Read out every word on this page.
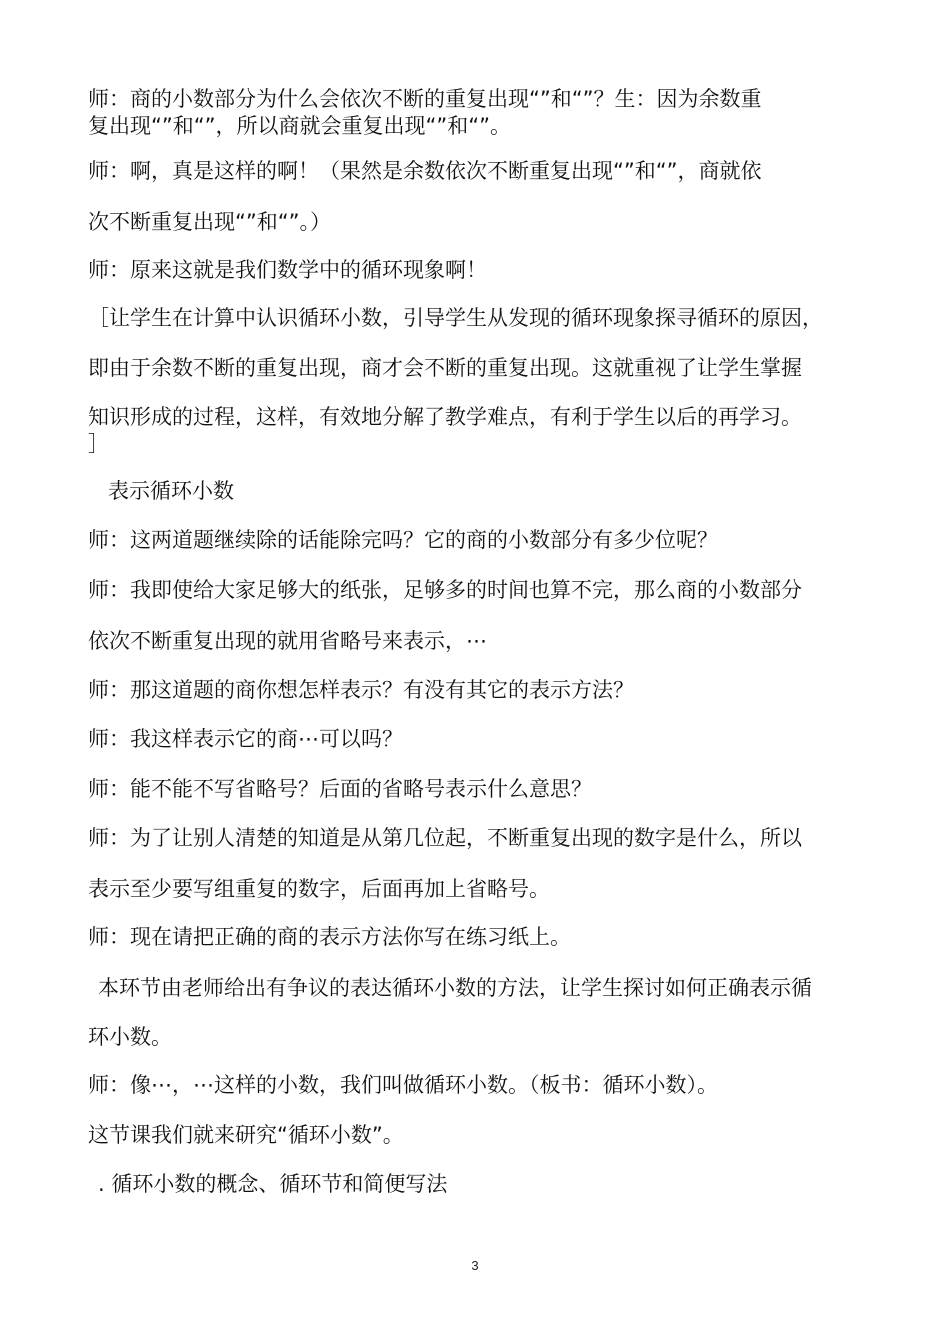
师：商的小数部分为什么会依次不断的重复出现“”和“”？生：因为余数重
复出现“”和“”，所以商就会重复出现“”和“”。
师：啊，真是这样的啊！（果然是余数依次不断重复出现“”和“”，商就依
次不断重复出现“”和“”。）
师：原来这就是我们数学中的循环现象啊！
［让学生在计算中认识循环小数，引导学生从发现的循环现象探寻循环的原因，
即由于余数不断的重复出现，商才会不断的重复出现。这就重视了让学生掌握
知识形成的过程，这样，有效地分解了教学难点，有利于学生以后的再学习。
］
表示循环小数
师：这两道题继续除的话能除完吗？它的商的小数部分有多少位呢？
师：我即使给大家足够大的纸张，足够多的时间也算不完，那么商的小数部分
依次不断重复出现的就用省略号来表示，⋯
师：那这道题的商你想怎样表示？有没有其它的表示方法？
师：我这样表示它的商⋯可以吗？
师：能不能不写省略号？后面的省略号表示什么意思？
师：为了让别人清楚的知道是从第几位起，不断重复出现的数字是什么，所以
表示至少要写组重复的数字，后面再加上省略号。
师：现在请把正确的商的表示方法你写在练习纸上。
本环节由老师给出有争议的表达循环小数的方法，让学生探讨如何正确表示循
环小数。
师：像⋯，⋯这样的小数，我们叫做循环小数。（板书：循环小数）。
这节课我们就来研究“循环小数”。
. 循环小数的概念、循环节和简便写法
3
